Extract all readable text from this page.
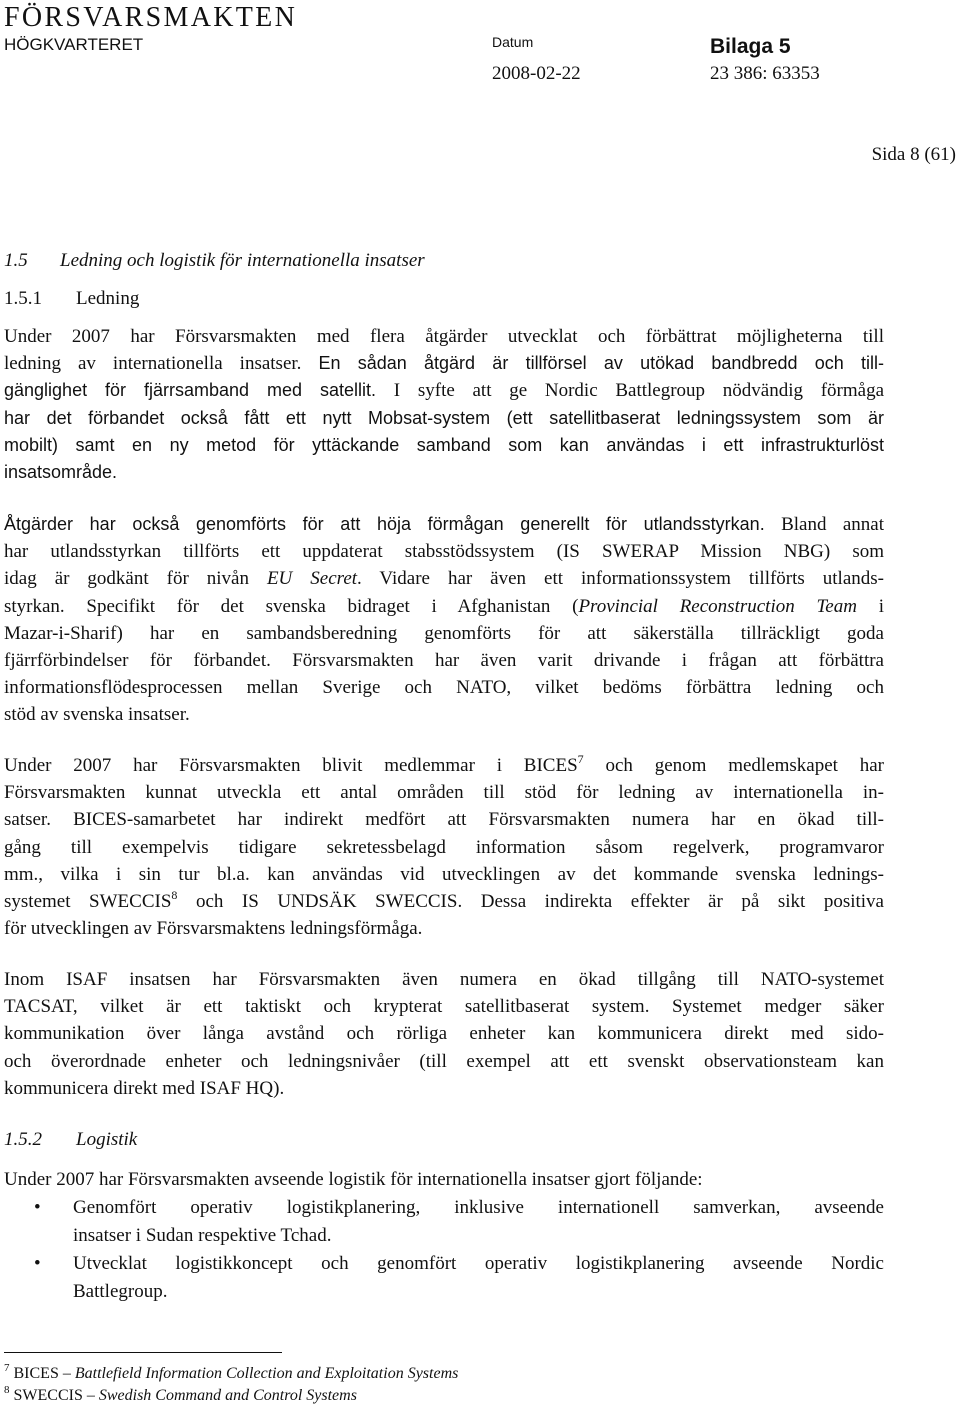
FÖRSVARSMAKTEN
HÖGKVARTERET	Datum	Bilaga 5
2008-02-22	23 386: 63353
Sida 8 (61)
1.5 Ledning och logistik för internationella insatser
1.5.1 Ledning
Under 2007 har Försvarsmakten med flera åtgärder utvecklat och förbättrat möjligheterna till
ledning av internationella insatser. En sådan åtgärd är tillförsel av utökad bandbredd och till-
gänglighet för fjärrsamband med satellit. I syfte att ge Nordic Battlegroup nödvändig förmåga
har det förbandet också fått ett nytt Mobsat-system (ett satellitbaserat ledningssystem som är
mobilt) samt en ny metod för yttäckande samband som kan användas i ett infrastrukturlöst
insatsområde.
Åtgärder har också genomförts för att höja förmågan generellt för utlandsstyrkan. Bland annat
har utlandsstyrkan tillförts ett uppdaterat stabsstödssystem (IS SWERAP Mission NBG) som
idag är godkänt för nivån EU Secret. Vidare har även ett informationssystem tillförts utlands-
styrkan. Specifikt för det svenska bidraget i Afghanistan (Provincial Reconstruction Team i
Mazar-i-Sharif) har en sambandsberedning genomförts för att säkerställa tillräckligt goda
fjärrförbindelser för förbandet. Försvarsmakten har även varit drivande i frågan att förbättra
informationsflödesprocessen mellan Sverige och NATO, vilket bedöms förbättra ledning och
stöd av svenska insatser.
Under 2007 har Försvarsmakten blivit medlemmar i BICES$^7$ och genom medlemskapet har
Försvarsmakten kunnat utveckla ett antal områden till stöd för ledning av internationella in-
satser. BICES-samarbetet har indirekt medfört att Försvarsmakten numera har en ökad till-
gång till exempelvis tidigare sekretessbelagd information såsom regelverk, programvaror
mm., vilka i sin tur bl.a. kan användas vid utvecklingen av det kommande svenska lednings-
systemet SWECCIS$^8$ och IS UNDSÄK SWECCIS. Dessa indirekta effekter är på sikt positiva
för utvecklingen av Försvarsmaktens ledningsförmåga.
Inom ISAF insatsen har Försvarsmakten även numera en ökad tillgång till NATO-systemet
TACSAT, vilket är ett taktiskt och krypterat satellitbaserat system. Systemet medger säker
kommunikation över långa avstånd och rörliga enheter kan kommunicera direkt med sido-
och överordnade enheter och ledningsnivåer (till exempel att ett svenskt observationsteam kan
kommunicera direkt med ISAF HQ).
1.5.2 Logistik
Under 2007 har Försvarsmakten avseende logistik för internationella insatser gjort följande:
• Genomfört operativ logistikplanering, inklusive internationell samverkan, avseende
insatser i Sudan respektive Tchad.
• Utvecklat logistikkoncept och genomfört operativ logistikplanering avseende Nordic
Battlegroup.
$^7$ BICES – Battlefield Information Collection and Exploitation Systems
$^8$ SWECCIS – Swedish Command and Control Systems
